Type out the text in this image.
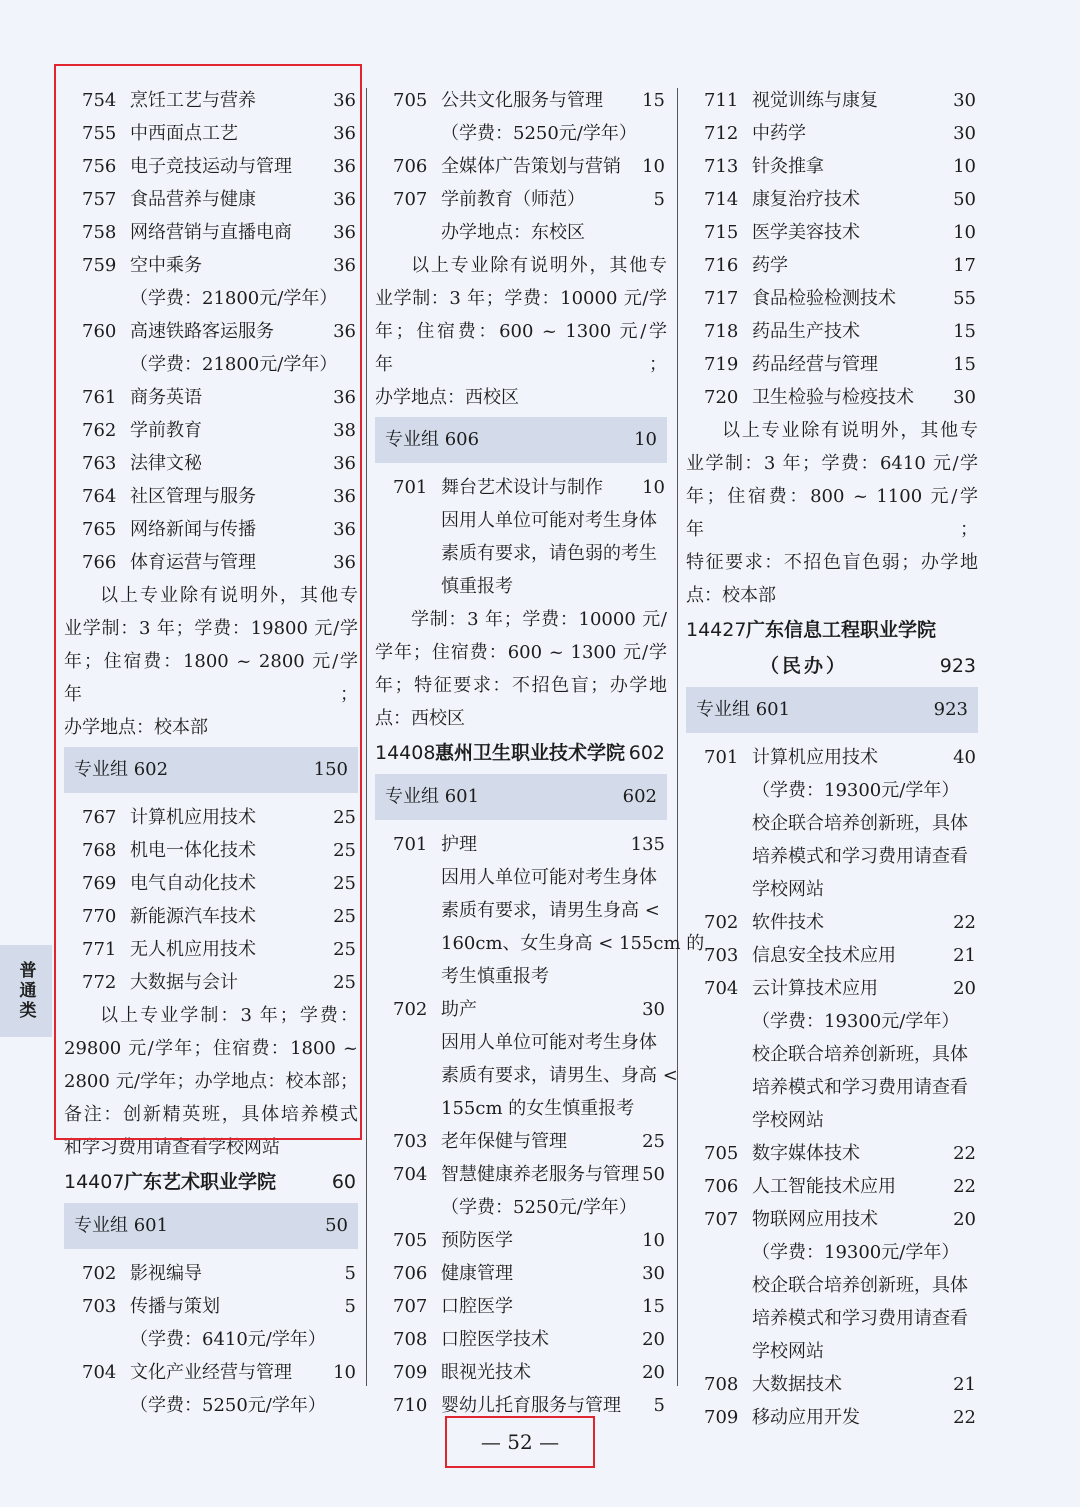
754 烹饪工艺与营养	36
755 中西面点工艺	36
756 电子竞技运动与管理 36
757 食品营养与健康	36
758 网络营销与直播电商 36
759 空中乘务	36
（学费：21800元/学年）
760 高速铁路客运服务	36
（学费：21800元/学年）
761 商务英语	36
762 学前教育	38
763 法律文秘	36
764 社区管理与服务	36
765 网络新闻与传播	36
766 体育运营与管理	36
以上专业除有说明外，其他专
业学制：3 年；学费：19800 元/学
年；住宿费：1800 ~ 2800 元/学年；
办学地点：校本部
专业组 602	150
767 计算机应用技术	25
768 机电一体化技术	25
769 电气自动化技术	25
770 新能源汽车技术	25
771 无人机应用技术	25
772 大数据与会计	25
以上专业学制：3 年；学费：
29800 元/学年；住宿费：1800 ~
2800 元/学年；办学地点：校本部；
备注：创新精英班，具体培养模式
和学习费用请查看学校网站
14407 广东艺术职业学院	60
专业组 601	50
702 影视编导	5
703 传播与策划	5
（学费：6410元/学年）
704 文化产业经营与管理 10
（学费：5250元/学年）
705 公共文化服务与管理 15
（学费：5250元/学年）
706 全媒体广告策划与营销 10
707 学前教育（师范）	5
办学地点：东校区
以上专业除有说明外，其他专
业学制：3 年；学费：10000 元/学
年；住宿费：600 ~ 1300 元/学年；
办学地点：西校区
专业组 606	10
701 舞台艺术设计与制作 10
因用人单位可能对考生身体
素质有要求，请色弱的考生
慎重报考
学制：3 年；学费：10000 元/
学年；住宿费：600 ~ 1300 元/学
年；特征要求：不招色盲；办学地
点：西校区
14408 惠州卫生职业技术学院 602
专业组 601	602
701 护理	135
因用人单位可能对考生身体
素质有要求，请男生身高 <
160cm、女生身高 < 155cm 的
考生慎重报考
702 助产	30
因用人单位可能对考生身体
素质有要求，请男生、身高 <
155cm 的女生慎重报考
703 老年保健与管理	25
704 智慧健康养老服务与管理 50
（学费：5250元/学年）
705 预防医学	10
706 健康管理	30
707 口腔医学	15
708 口腔医学技术	20
709 眼视光技术	20
710 婴幼儿托育服务与管理 5
711 视觉训练与康复	30
712 中药学	30
713 针灸推拿	10
714 康复治疗技术	50
715 医学美容技术	10
716 药学	17
717 食品检验检测技术	55
718 药品生产技术	15
719 药品经营与管理	15
720 卫生检验与检疫技术 30
以上专业除有说明外，其他专
业学制：3 年；学费：6410 元/学
年；住宿费：800 ~ 1100 元/学年；
特征要求：不招色盲色弱；办学地
点：校本部
14427 广东信息工程职业学院
（民办）	923
专业组 601	923
701 计算机应用技术	40
（学费：19300元/学年）
校企联合培养创新班，具体
培养模式和学习费用请查看
学校网站
702 软件技术	22
703 信息安全技术应用	21
704 云计算技术应用	20
（学费：19300元/学年）
校企联合培养创新班，具体
培养模式和学习费用请查看
学校网站
705 数字媒体技术	22
706 人工智能技术应用	22
707 物联网应用技术	20
（学费：19300元/学年）
校企联合培养创新班，具体
培养模式和学习费用请查看
学校网站
708 大数据技术	21
709 移动应用开发	22
普通类
— 52 —
